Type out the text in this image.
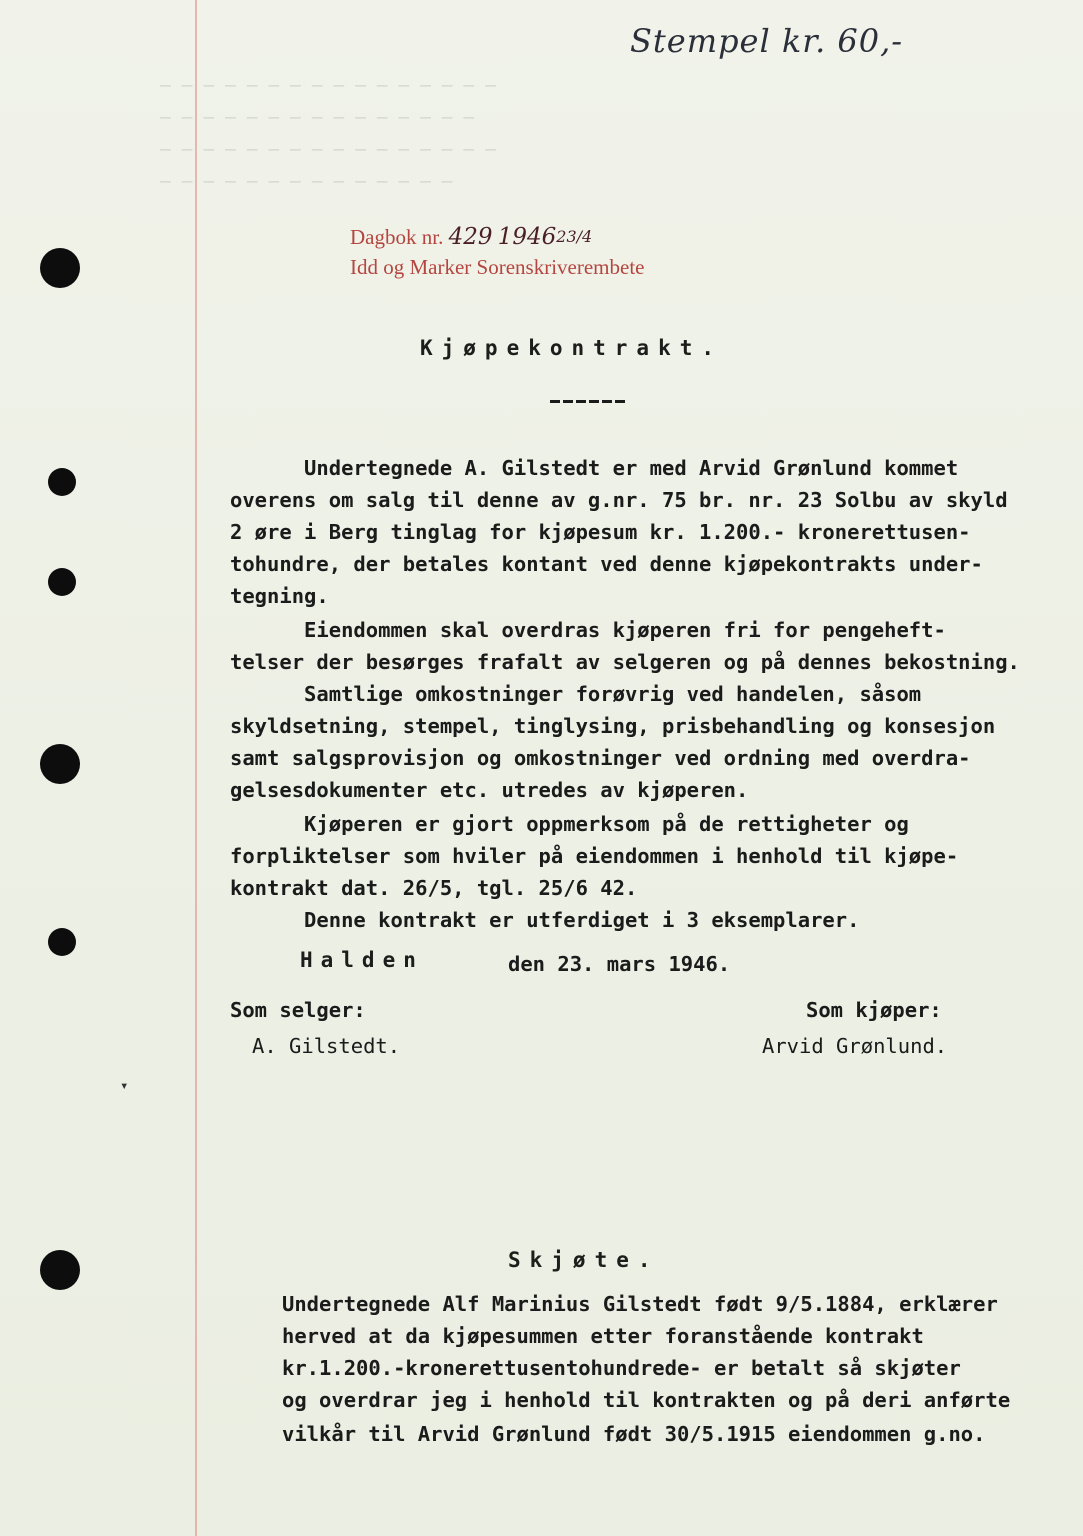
— — — — — — — — — — — — — — — —
— — — — — — — — — — — — — — —
— — — — — — — — — — — — — — — —
— — — — — — — — — — — — — —
Stempel kr. 60,-
Dagbok nr. 429 $1946^{23/4}$
Idd og Marker Sorenskriverembete
Kjøpekontrakt.
Undertegnede A. Gilstedt er med Arvid Grønlund kommet
overens om salg til denne av g.nr. 75 br. nr. 23 Solbu av skyld
2 øre i Berg tinglag for kjøpesum kr. 1.200.- kronerettusen-
tohundre, der betales kontant ved denne kjøpekontrakts under-
tegning.
Eiendommen skal overdras kjøperen fri for pengeheft-
telser der besørges frafalt av selgeren og på dennes bekostning.
Samtlige omkostninger forøvrig ved handelen, såsom
skyldsetning, stempel, tinglysing, prisbehandling og konsesjon
samt salgsprovisjon og omkostninger ved ordning med overdra-
gelsesdokumenter etc. utredes av kjøperen.
Kjøperen er gjort oppmerksom på de rettigheter og
forpliktelser som hviler på eiendommen i henhold til kjøpe-
kontrakt dat. 26/5, tgl. 25/6 42.
Denne kontrakt er utferdiget i 3 eksemplarer.
Halden	den 23. mars 1946.
Som selger:	Som kjøper:
A. Gilstedt.	Arvid Grønlund.
▾
Skjøte.
Undertegnede Alf Marinius Gilstedt født 9/5.1884, erklærer
herved at da kjøpesummen etter foranstående kontrakt
kr.1.200.-kronerettusentohundrede- er betalt så skjøter
og overdrar jeg i henhold til kontrakten og på deri anførte
vilkår til Arvid Grønlund født 30/5.1915 eiendommen g.no.
